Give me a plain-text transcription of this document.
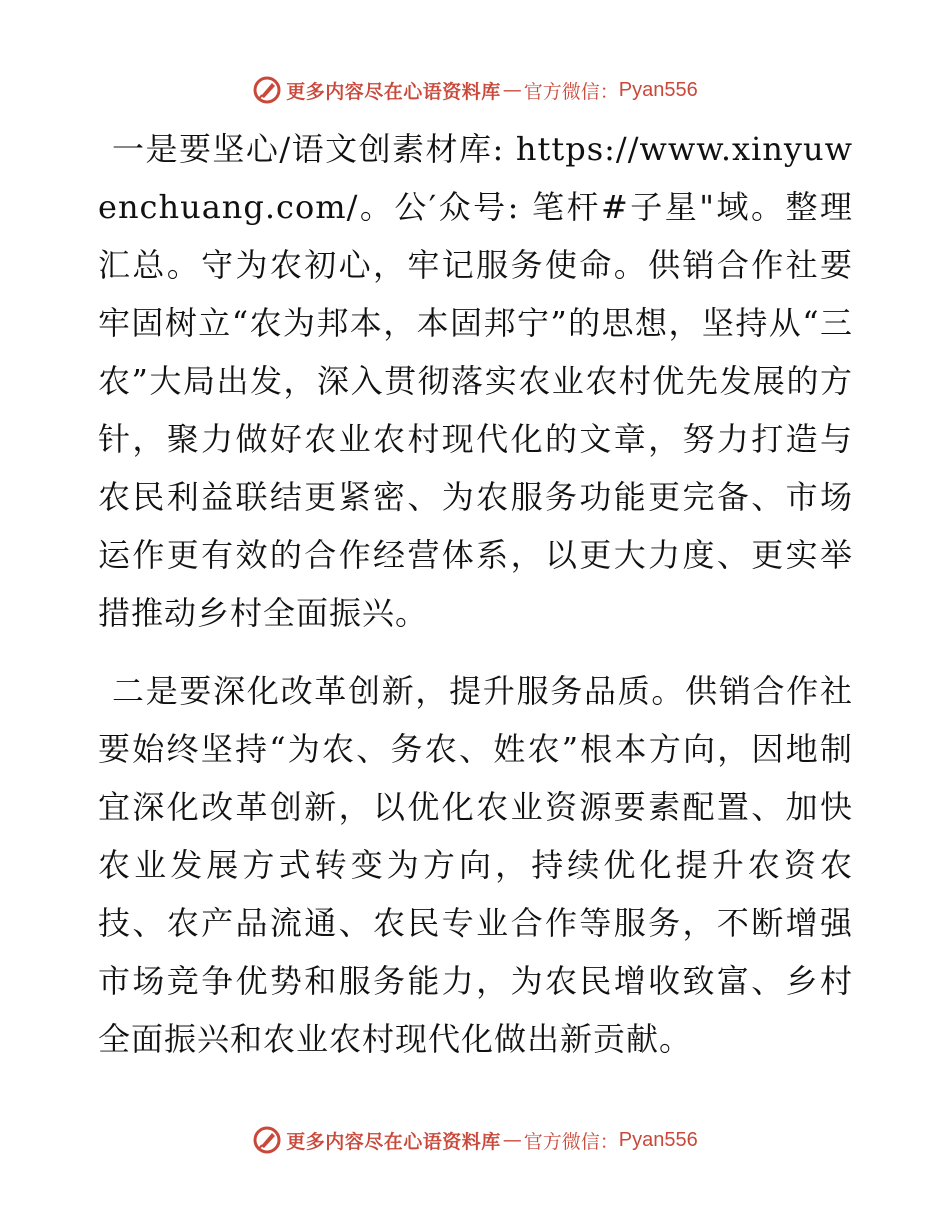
更多内容尽在心语资料库 — 官方微信： Pyan556

一是要坚心/语文创素材库: https://www.xinyuwenchuang.com/。公′众号: 笔杆#子星"域。整理汇总。守为农初心，牢记服务使命。供销合作社要牢固树立“农为邦本，本固邦宁”的思想，坚持从“三农”大局出发，深入贯彻落实农业农村优先发展的方针，聚力做好农业农村现代化的文章，努力打造与农民利益联结更紧密、为农服务功能更完备、市场运作更有效的合作经营体系，以更大力度、更实举措推动乡村全面振兴。

二是要深化改革创新，提升服务品质。供销合作社要始终坚持“为农、务农、姓农”根本方向，因地制宜深化改革创新，以优化农业资源要素配置、加快农业发展方式转变为方向，持续优化提升农资农技、农产品流通、农民专业合作等服务，不断增强市场竞争优势和服务能力，为农民增收致富、乡村全面振兴和农业农村现代化做出新贡献。

更多内容尽在心语资料库 — 官方微信： Pyan556
